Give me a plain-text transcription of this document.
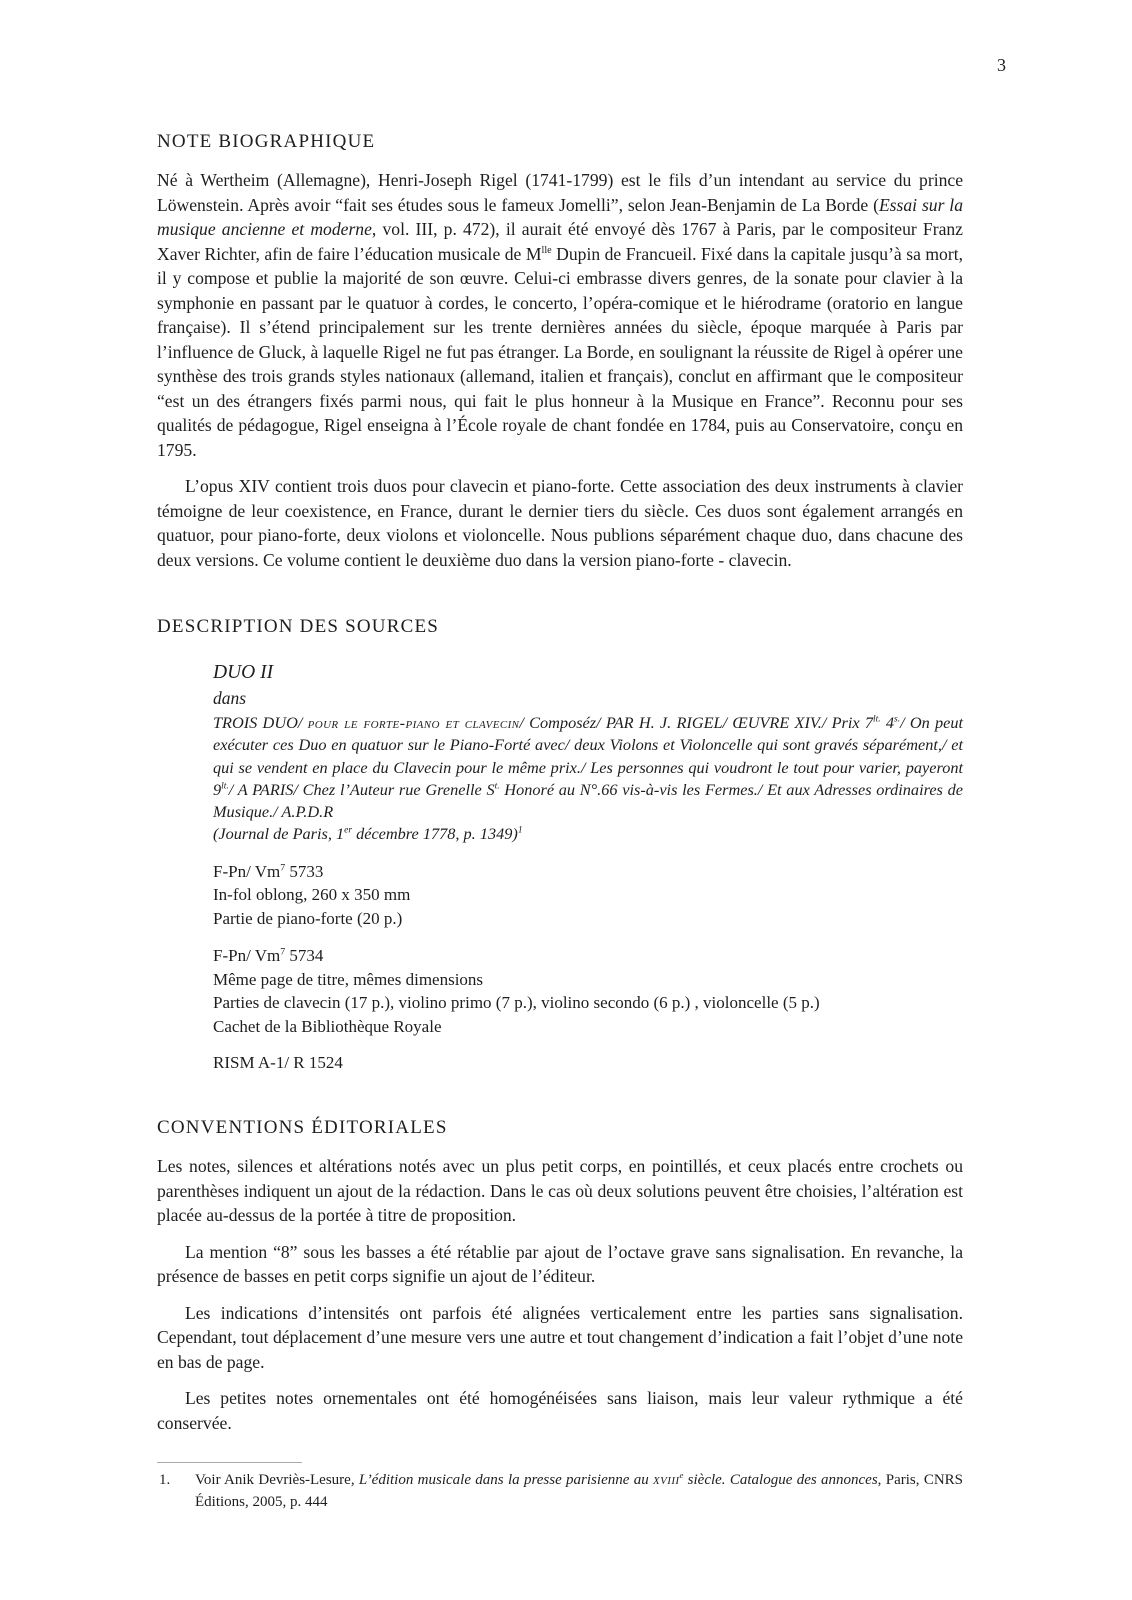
3
NOTE BIOGRAPHIQUE

Né à Wertheim (Allemagne), Henri-Joseph Rigel (1741-1799) est le fils d’un intendant au service du prince Löwenstein. Après avoir “fait ses études sous le fameux Jomelli”, selon Jean-Benjamin de La Borde (Essai sur la musique ancienne et moderne, vol. III, p. 472), il aurait été envoyé dès 1767 à Paris, par le compositeur Franz Xaver Richter, afin de faire l’éducation musicale de $M^{lle}$ Dupin de Francueil. Fixé dans la capitale jusqu’à sa mort, il y compose et publie la majorité de son œuvre. Celui-ci embrasse divers genres, de la sonate pour clavier à la symphonie en passant par le quatuor à cordes, le concerto, l’opéra-comique et le hiérodrame (oratorio en langue française). Il s’étend principalement sur les trente dernières années du siècle, époque marquée à Paris par l’influence de Gluck, à laquelle Rigel ne fut pas étranger. La Borde, en soulignant la réussite de Rigel à opérer une synthèse des trois grands styles nationaux (allemand, italien et français), conclut en affirmant que le compositeur “est un des étrangers fixés parmi nous, qui fait le plus honneur à la Musique en France”. Reconnu pour ses qualités de pédagogue, Rigel enseigna à l’École royale de chant fondée en 1784, puis au Conservatoire, conçu en 1795.

L’opus XIV contient trois duos pour clavecin et piano-forte. Cette association des deux instruments à clavier témoigne de leur coexistence, en France, durant le dernier tiers du siècle. Ces duos sont également arrangés en quatuor, pour piano-forte, deux violons et violoncelle. Nous publions séparément chaque duo, dans chacune des deux versions. Ce volume contient le deuxième duo dans la version piano-forte - clavecin.

DESCRIPTION DES SOURCES

DUO II

dans

TROIS DUO/ pour le forte-piano et clavecin/ Composéz/ PAR H. J. RIGEL/ ŒUVRE XIV./ Prix $7^{lt.}$ $4^{s.}/$ On peut exécuter ces Duo en quatuor sur le Piano-Forté avec/ deux Violons et Violoncelle qui sont gravés séparément,/ et qui se vendent en place du Clavecin pour le même prix./ Les personnes qui voudront le tout pour varier, payeront $9^{lt.}/$ A PARIS/ Chez l’Auteur rue Grenelle $S^{t.}$ Honoré au N°.66 vis-à-vis les Fermes./ Et aux Adresses ordinaires de Musique./ A.P.D.R

(Journal de Paris, 1er décembre 1778, p. 1349)$^1$

F-Pn/ Vm$^7$ 5733
In-fol oblong, 260 x 350 mm
Partie de piano-forte (20 p.)
F-Pn/ Vm$^7$ 5734
Même page de titre, mêmes dimensions
Parties de clavecin (17 p.), violino primo (7 p.), violino secondo (6 p.) , violoncelle (5 p.)
Cachet de la Bibliothèque Royale

RISM A-1/ R 1524

CONVENTIONS ÉDITORIALES

Les notes, silences et altérations notés avec un plus petit corps, en pointillés, et ceux placés entre crochets ou parenthèses indiquent un ajout de la rédaction. Dans le cas où deux solutions peuvent être choisies, l’altération est placée au-dessus de la portée à titre de proposition.

La mention “8” sous les basses a été rétablie par ajout de l’octave grave sans signalisation. En revanche, la présence de basses en petit corps signifie un ajout de l’éditeur.

Les indications d’intensités ont parfois été alignées verticalement entre les parties sans signalisation. Cependant, tout déplacement d’une mesure vers une autre et tout changement d’indication a fait l’objet d’une note en bas de page.

Les petites notes ornementales ont été homogénéisées sans liaison, mais leur valeur rythmique a été conservée.

1. Voir Anik Devriès-Lesure, L’édition musicale dans la presse parisienne au xviii$^e$ siècle. Catalogue des annonces, Paris, CNRS Éditions, 2005, p. 444
